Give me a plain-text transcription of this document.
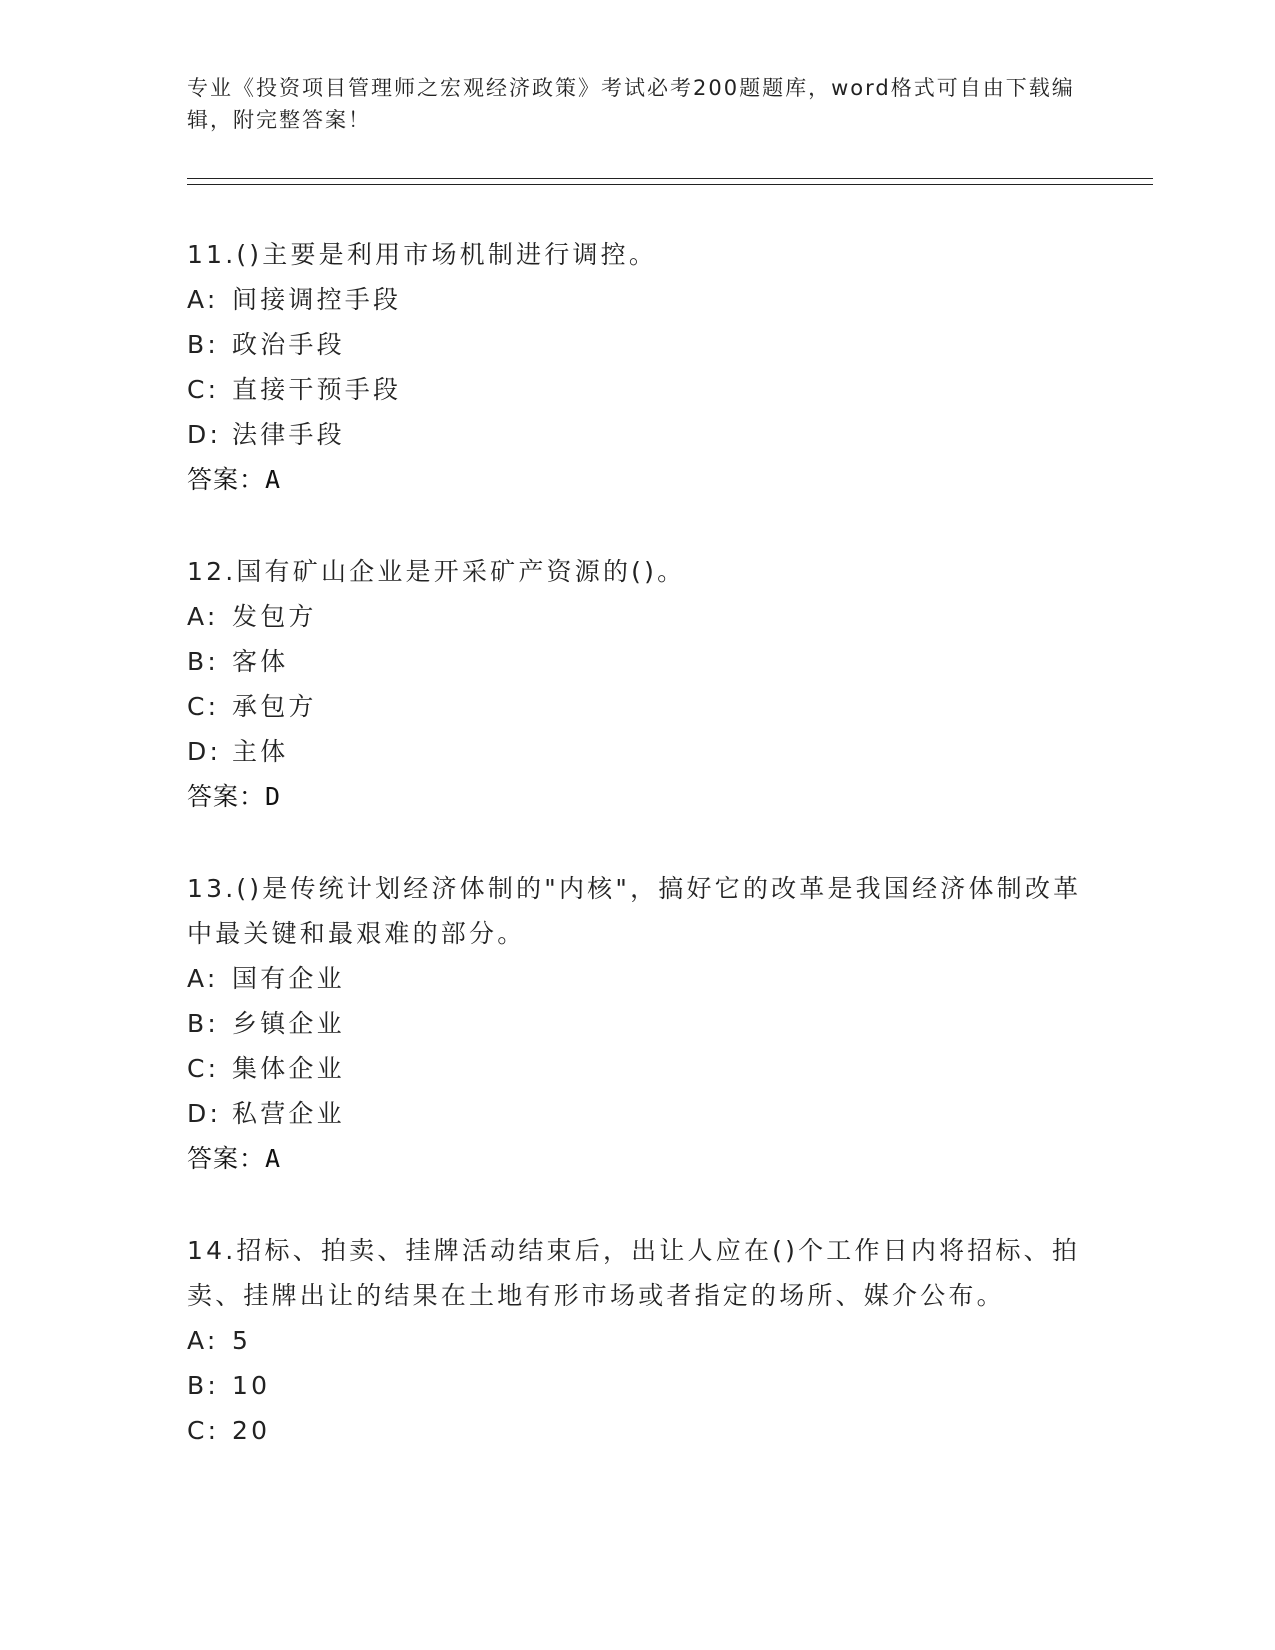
专业《投资项目管理师之宏观经济政策》考试必考200题题库，word格式可自由下载编辑，附完整答案！

11.()主要是利用市场机制进行调控。

A: 间接调控手段
B: 政治手段
C: 直接干预手段
D: 法律手段
答案：A

12.国有矿山企业是开采矿产资源的()。

A: 发包方
B: 客体
C: 承包方
D: 主体
答案：D

13.()是传统计划经济体制的"内核"，搞好它的改革是我国经济体制改革中最关键和最艰难的部分。

A: 国有企业
B: 乡镇企业
C: 集体企业
D: 私营企业
答案：A

14.招标、拍卖、挂牌活动结束后，出让人应在()个工作日内将招标、拍卖、挂牌出让的结果在土地有形市场或者指定的场所、媒介公布。

A: 5
B: 10
C: 20
